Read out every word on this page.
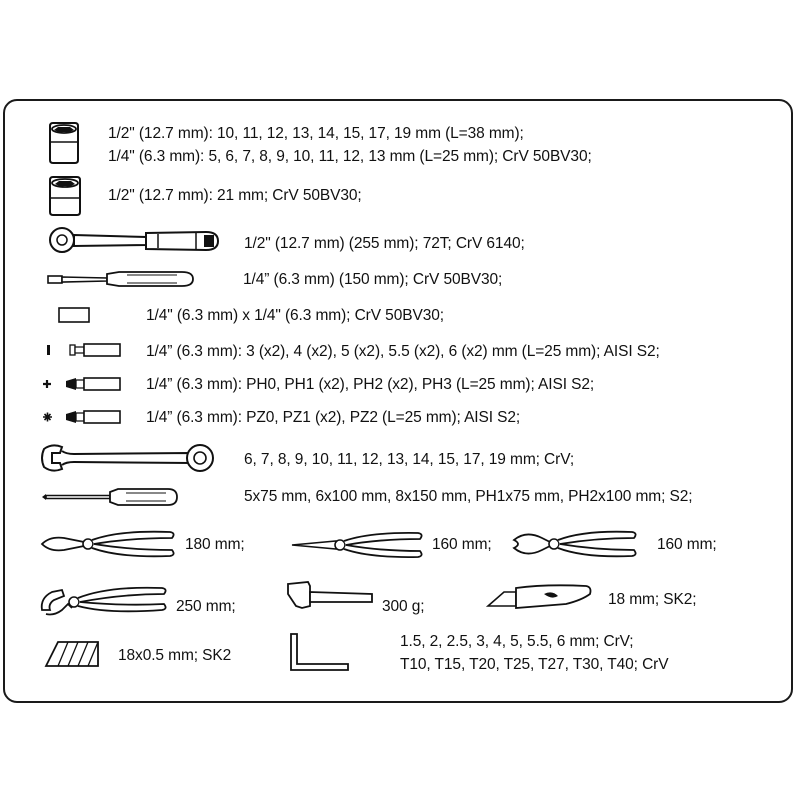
1/2" (12.7 mm): 10, 11, 12, 13, 14, 15, 17, 19 mm (L=38 mm);
1/4" (6.3 mm): 5, 6, 7, 8, 9, 10, 11, 12, 13 mm (L=25 mm); CrV 50BV30;
1/2" (12.7 mm): 21 mm; CrV 50BV30;
1/2" (12.7 mm) (255 mm); 72T; CrV 6140;
1/4” (6.3 mm) (150 mm); CrV 50BV30;
1/4" (6.3 mm) x 1/4" (6.3 mm); CrV 50BV30;
1/4” (6.3 mm): 3 (x2), 4 (x2), 5 (x2), 5.5 (x2), 6 (x2) mm (L=25 mm); AISI S2;
1/4” (6.3 mm): PH0, PH1 (x2), PH2 (x2), PH3 (L=25 mm); AISI S2;
1/4” (6.3 mm): PZ0, PZ1 (x2), PZ2 (L=25 mm); AISI S2;
6, 7, 8, 9, 10, 11, 12, 13, 14, 15, 17, 19 mm; CrV;
5x75 mm, 6x100 mm, 8x150 mm, PH1x75 mm, PH2x100 mm; S2;
180 mm;	160 mm;	160 mm;
250 mm;	300 g;	18 mm; SK2;
18x0.5 mm; SK2
1.5, 2, 2.5, 3, 4, 5, 5.5, 6 mm; CrV;
T10, T15, T20, T25, T27, T30, T40; CrV
